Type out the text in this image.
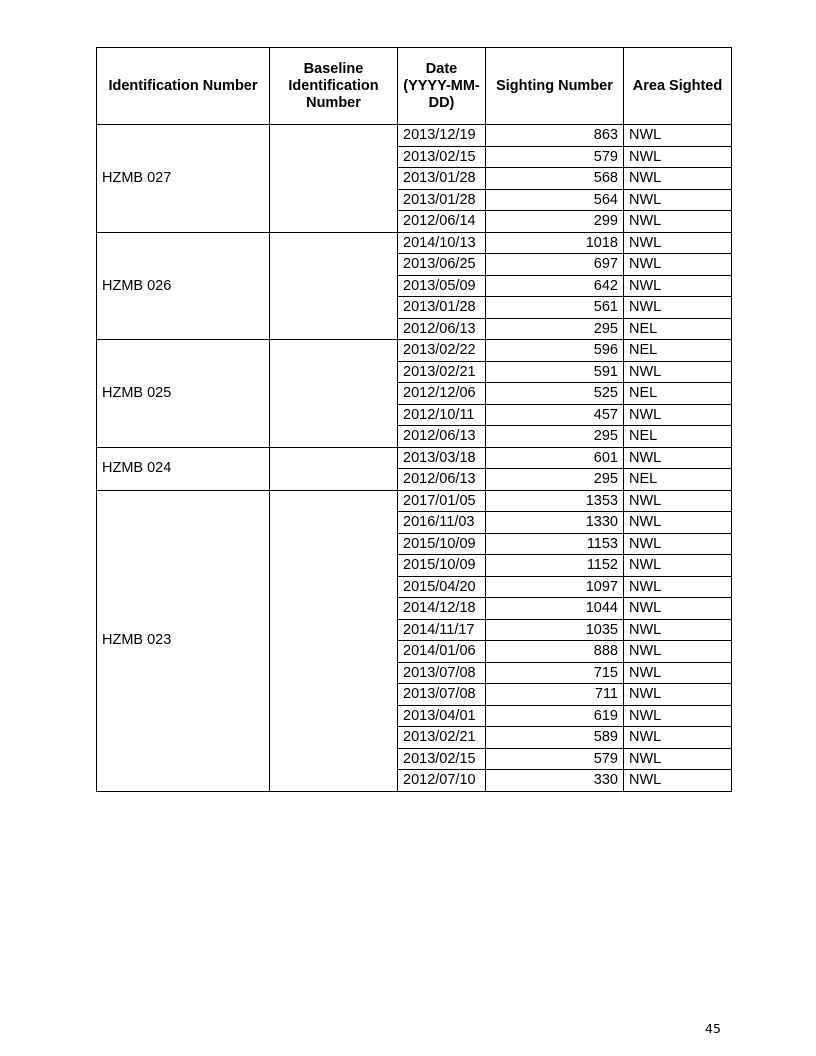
Identification Number	Baseline Identification Number	Date (YYYY-MM-DD)	Sighting Number	Area Sighted
HZMB 027		2013/12/19	863	NWL
		2013/02/15	579	NWL
		2013/01/28	568	NWL
		2013/01/28	564	NWL
		2012/06/14	299	NWL
HZMB 026		2014/10/13	1018	NWL
		2013/06/25	697	NWL
		2013/05/09	642	NWL
		2013/01/28	561	NWL
		2012/06/13	295	NEL
HZMB 025		2013/02/22	596	NEL
		2013/02/21	591	NWL
		2012/12/06	525	NEL
		2012/10/11	457	NWL
		2012/06/13	295	NEL
HZMB 024		2013/03/18	601	NWL
		2012/06/13	295	NEL
HZMB 023		2017/01/05	1353	NWL
		2016/11/03	1330	NWL
		2015/10/09	1153	NWL
		2015/10/09	1152	NWL
		2015/04/20	1097	NWL
		2014/12/18	1044	NWL
		2014/11/17	1035	NWL
		2014/01/06	888	NWL
		2013/07/08	715	NWL
		2013/07/08	711	NWL
		2013/04/01	619	NWL
		2013/02/21	589	NWL
		2013/02/15	579	NWL
		2012/07/10	330	NWL
45
